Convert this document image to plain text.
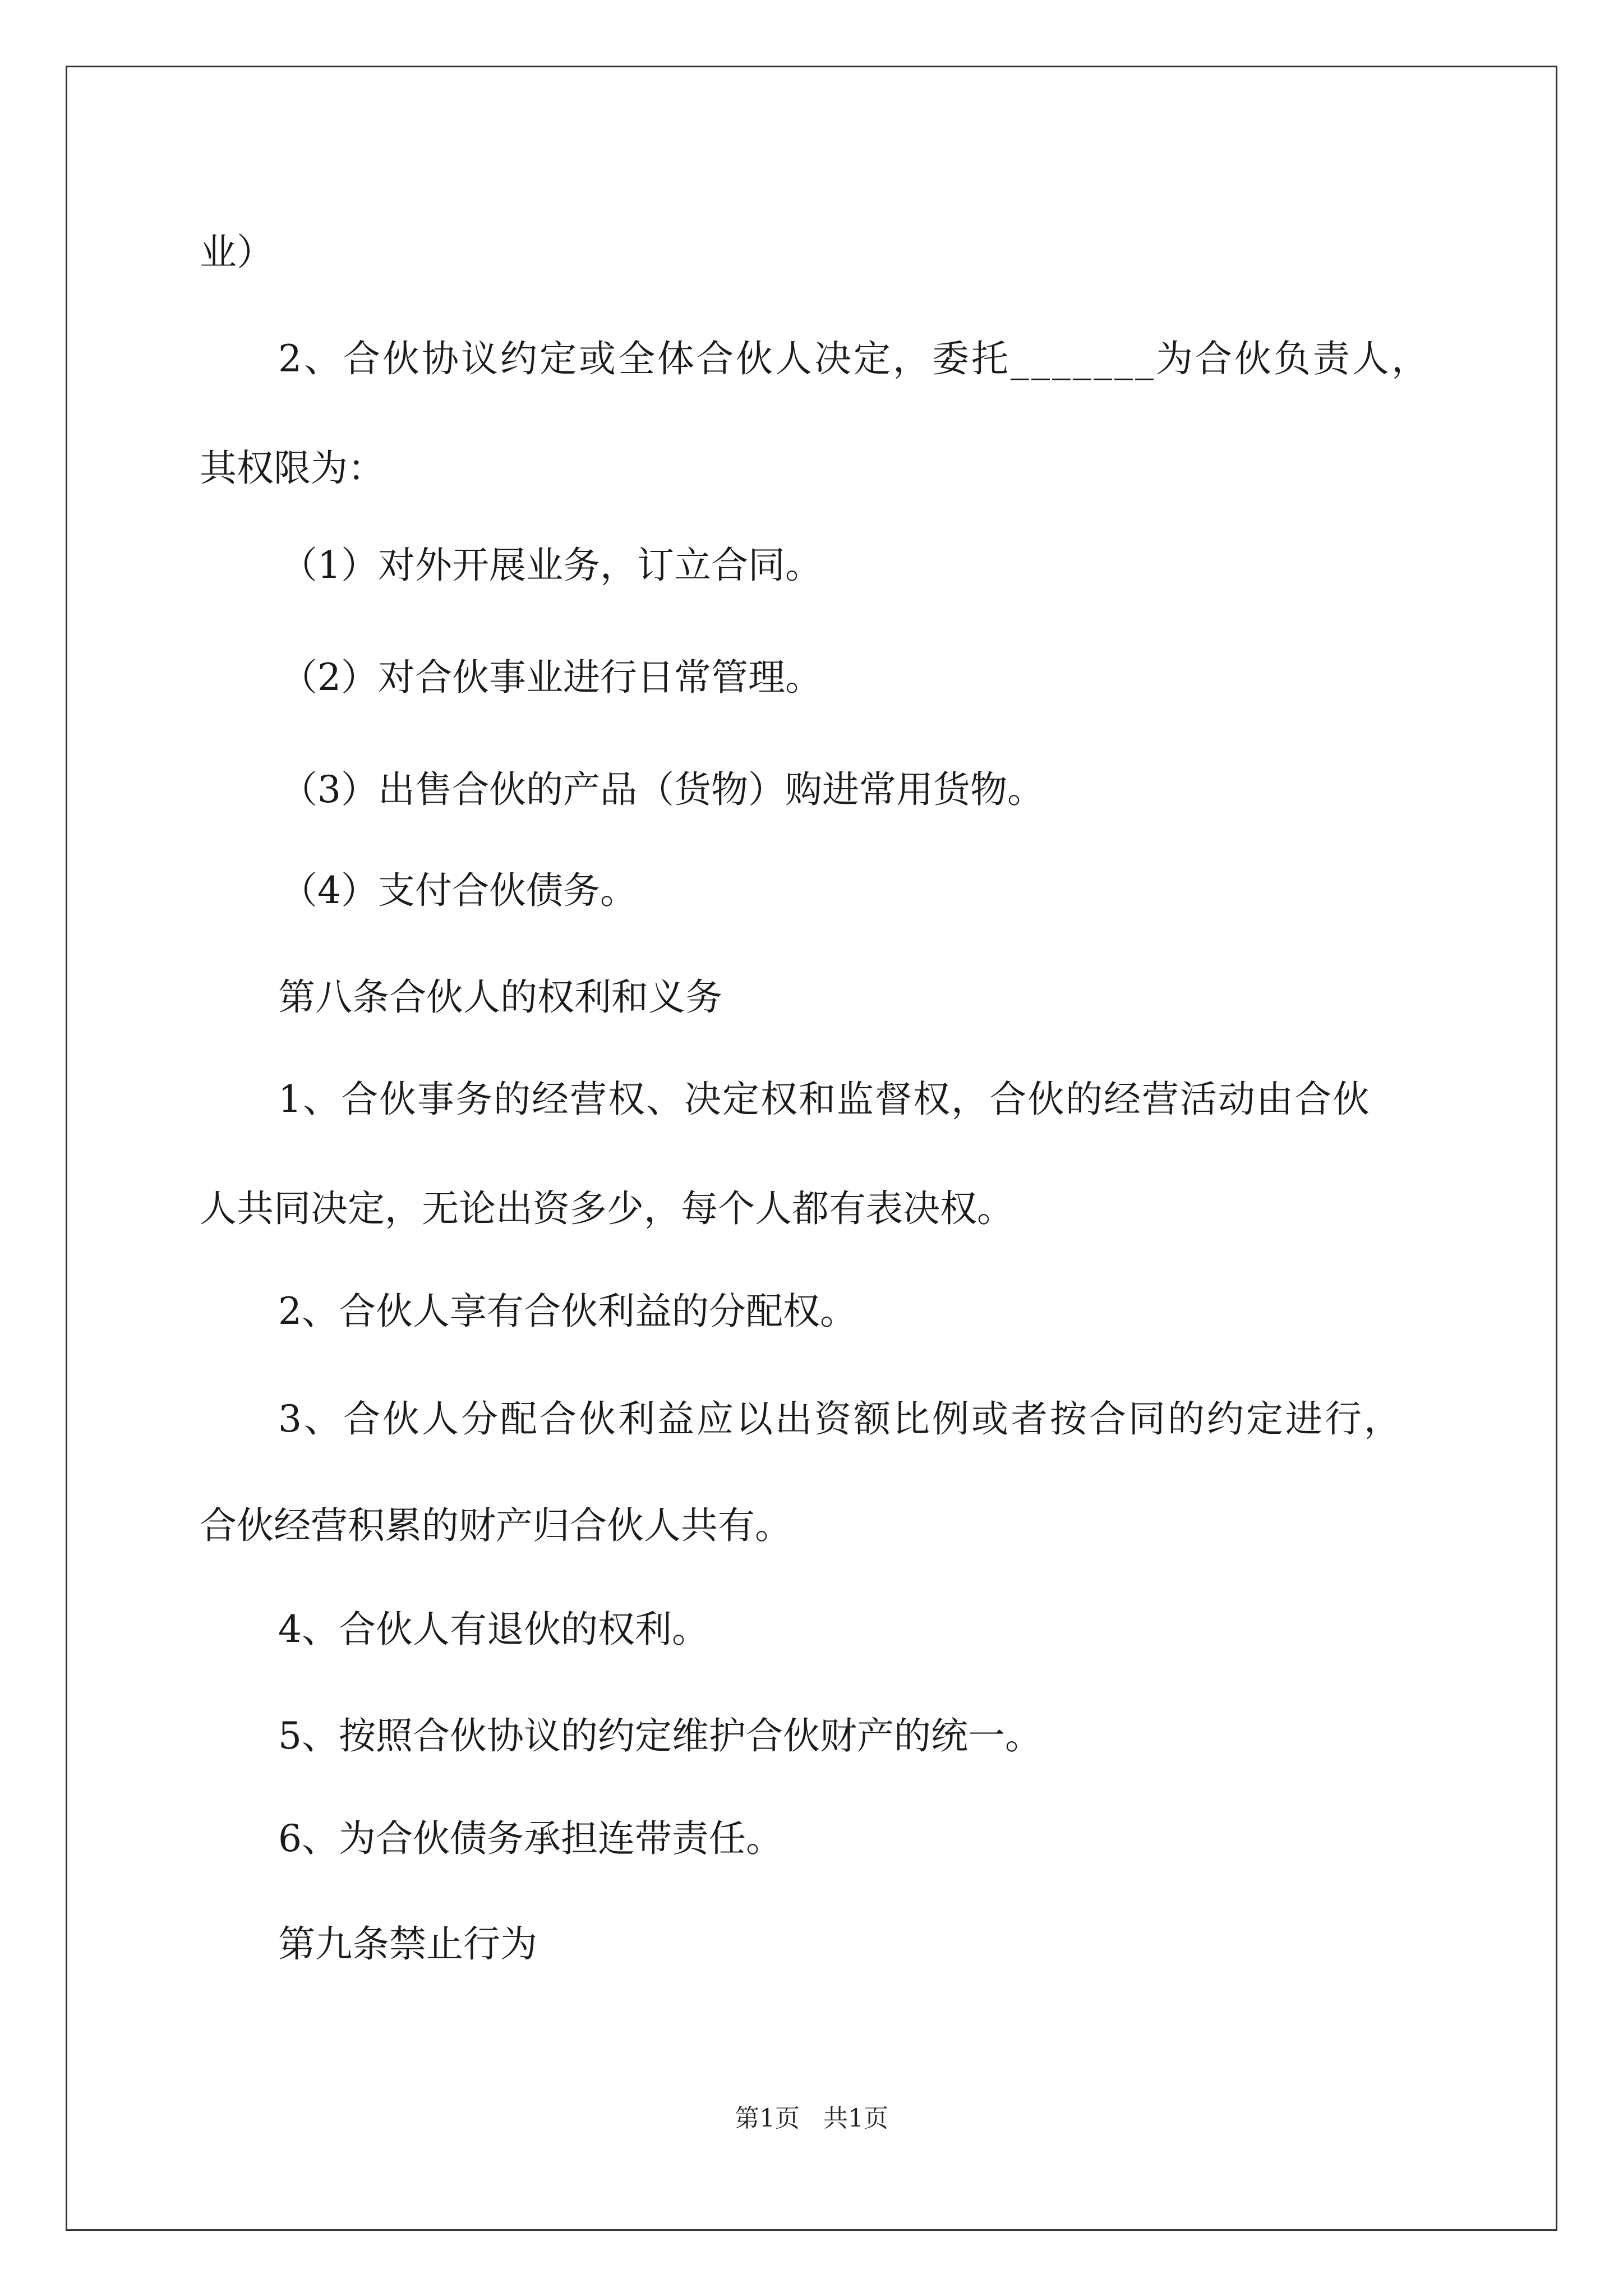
业）

2、合伙协议约定或全体合伙人决定，委托_______为合伙负责人，

其权限为：

（1）对外开展业务，订立合同。

（2）对合伙事业进行日常管理。

（3）出售合伙的产品（货物）购进常用货物。

（4）支付合伙债务。

第八条合伙人的权利和义务

1、合伙事务的经营权、决定权和监督权，合伙的经营活动由合伙

人共同决定，无论出资多少，每个人都有表决权。

2、合伙人享有合伙利益的分配权。

3、合伙人分配合伙利益应以出资额比例或者按合同的约定进行，

合伙经营积累的财产归合伙人共有。

4、合伙人有退伙的权利。

5、按照合伙协议的约定维护合伙财产的统一。

6、为合伙债务承担连带责任。

第九条禁止行为

第1页   共1页
